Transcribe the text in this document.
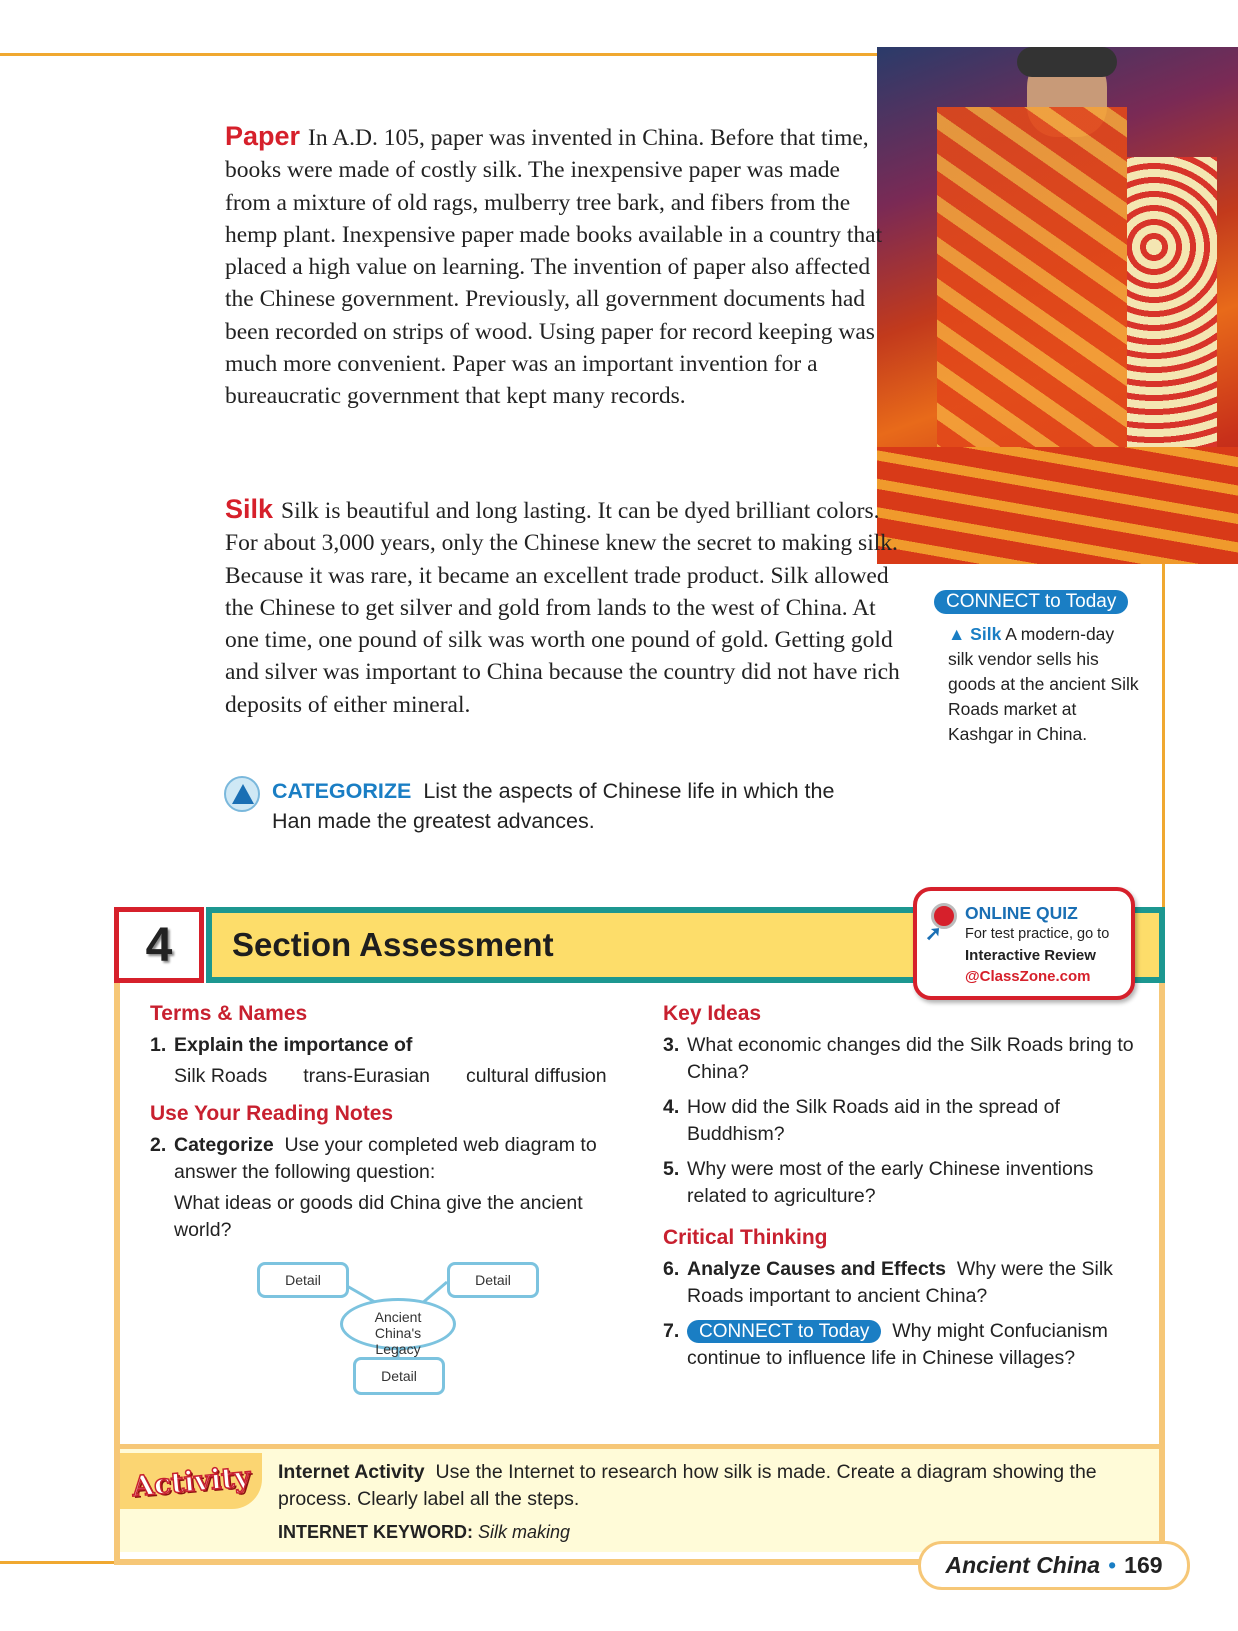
Paper In A.D. 105, paper was invented in China. Before that time, books were made of costly silk. The inexpensive paper was made from a mixture of old rags, mulberry tree bark, and fibers from the hemp plant. Inexpensive paper made books available in a country that placed a high value on learning. The invention of paper also affected the Chinese government. Previously, all government documents had been recorded on strips of wood. Using paper for record keeping was much more convenient. Paper was an important invention for a bureaucratic government that kept many records.
Silk Silk is beautiful and long lasting. It can be dyed brilliant colors. For about 3,000 years, only the Chinese knew the secret to making silk. Because it was rare, it became an excellent trade product. Silk allowed the Chinese to get silver and gold from lands to the west of China. At one time, one pound of silk was worth one pound of gold. Getting gold and silver was important to China because the country did not have rich deposits of either mineral.
CONNECT to Today
▲ Silk A modern-day silk vendor sells his goods at the ancient Silk Roads market at Kashgar in China.
CATEGORIZE List the aspects of Chinese life in which the Han made the greatest advances.
4	Section Assessment	➚
ONLINE QUIZ
For test practice, go to
Interactive Review
@ClassZone.com
Terms & Names
1. Explain the importance of
Silk Roads trans-Eurasian cultural diffusion
Use Your Reading Notes
2. Categorize Use your completed web diagram to answer the following question:
What ideas or goods did China give the ancient world?
Detail	Detail
Ancient China's Legacy
Detail
Key Ideas
3. What economic changes did the Silk Roads bring to China?
4. How did the Silk Roads aid in the spread of Buddhism?
5. Why were most of the early Chinese inventions related to agriculture?
Critical Thinking
6. Analyze Causes and Effects Why were the Silk Roads important to ancient China?
7. CONNECT to Today Why might Confucianism continue to influence life in Chinese villages?
Activity Internet Activity Use the Internet to research how silk is made. Create a diagram showing the process. Clearly label all the steps.
INTERNET KEYWORD: Silk making
Ancient China • 169
